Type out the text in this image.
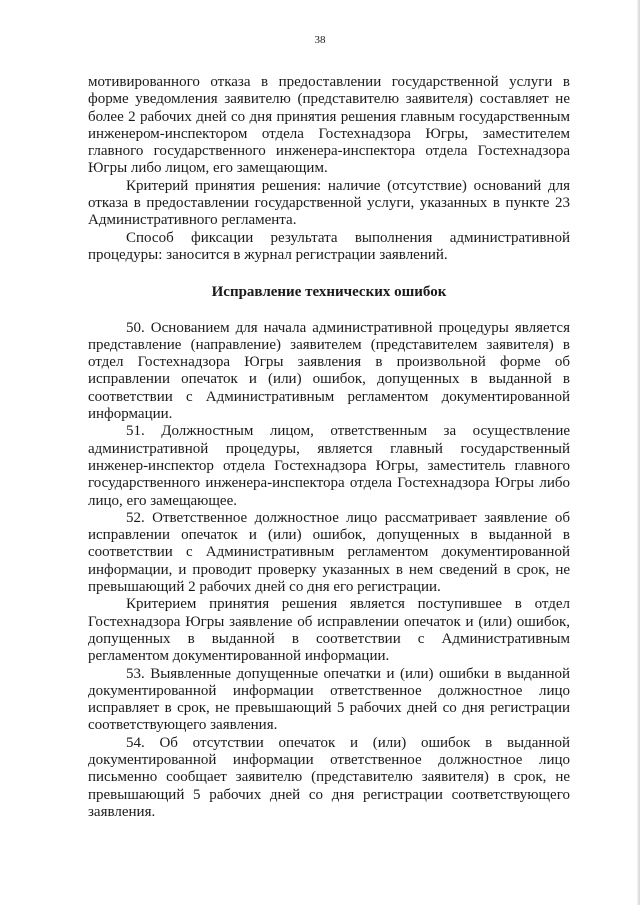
38

мотивированного отказа в предоставлении государственной услуги в форме уведомления заявителю (представителю заявителя) составляет не более 2 рабочих дней со дня принятия решения главным государственным инженером-инспектором отдела Гостехнадзора Югры, заместителем главного государственного инженера-инспектора отдела Гостехнадзора Югры либо лицом, его замещающим.

Критерий принятия решения: наличие (отсутствие) оснований для отказа в предоставлении государственной услуги, указанных в пункте 23 Административного регламента.

Способ фиксации результата выполнения административной процедуры: заносится в журнал регистрации заявлений.

Исправление технических ошибок

50. Основанием для начала административной процедуры является представление (направление) заявителем (представителем заявителя) в отдел Гостехнадзора Югры заявления в произвольной форме об исправлении опечаток и (или) ошибок, допущенных в выданной в соответствии с Административным регламентом документированной информации.

51. Должностным лицом, ответственным за осуществление административной процедуры, является главный государственный инженер-инспектор отдела Гостехнадзора Югры, заместитель главного государственного инженера-инспектора отдела Гостехнадзора Югры либо лицо, его замещающее.

52. Ответственное должностное лицо рассматривает заявление об исправлении опечаток и (или) ошибок, допущенных в выданной в соответствии с Административным регламентом документированной информации, и проводит проверку указанных в нем сведений в срок, не превышающий 2 рабочих дней со дня его регистрации.

Критерием принятия решения является поступившее в отдел Гостехнадзора Югры заявление об исправлении опечаток и (или) ошибок, допущенных в выданной в соответствии с Административным регламентом документированной информации.

53. Выявленные допущенные опечатки и (или) ошибки в выданной документированной информации ответственное должностное лицо исправляет в срок, не превышающий 5 рабочих дней со дня регистрации соответствующего заявления.

54. Об отсутствии опечаток и (или) ошибок в выданной документированной информации ответственное должностное лицо письменно сообщает заявителю (представителю заявителя) в срок, не превышающий 5 рабочих дней со дня регистрации соответствующего заявления.
